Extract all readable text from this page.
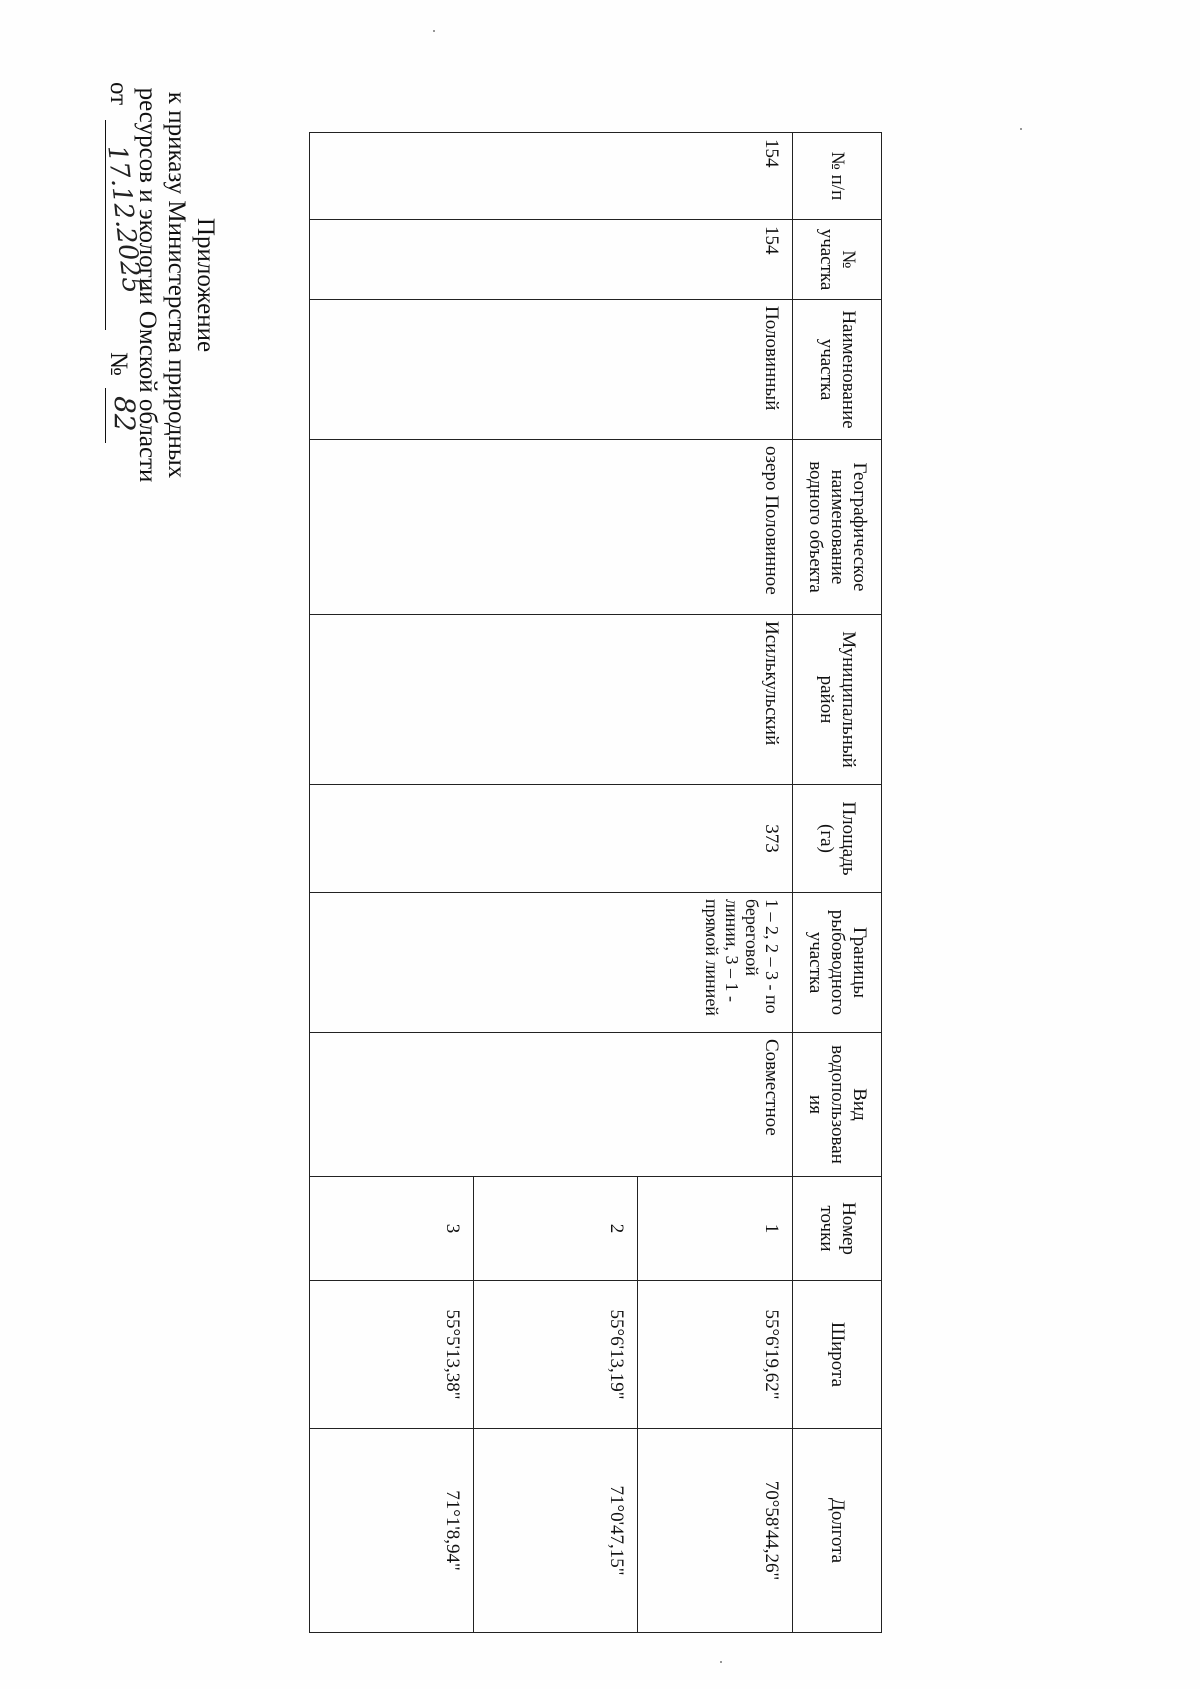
Приложение
к приказу Министерства природных
ресурсов и экологии Омской области
от
17.12.2025
№
82
№ п/п	№ участка	Наименование участка	Географическое наименование водного объекта	Муниципальный район	Площадь (га)	Границы рыбоводного участка	Вид водопользован ия	Номер точки	Широта	Долгота
154	154	Половинный	озеро Половинное	Исилькульский	373	1 – 2, 2 – 3 - по береговой линии, 3 – 1 - прямой линией	Совместное	1	55°6'19,62"	70°58'44,26"
								2	55°6'13,19"	71°0'47,15"
								3	55°5'13,38"	71°1'8,94"
